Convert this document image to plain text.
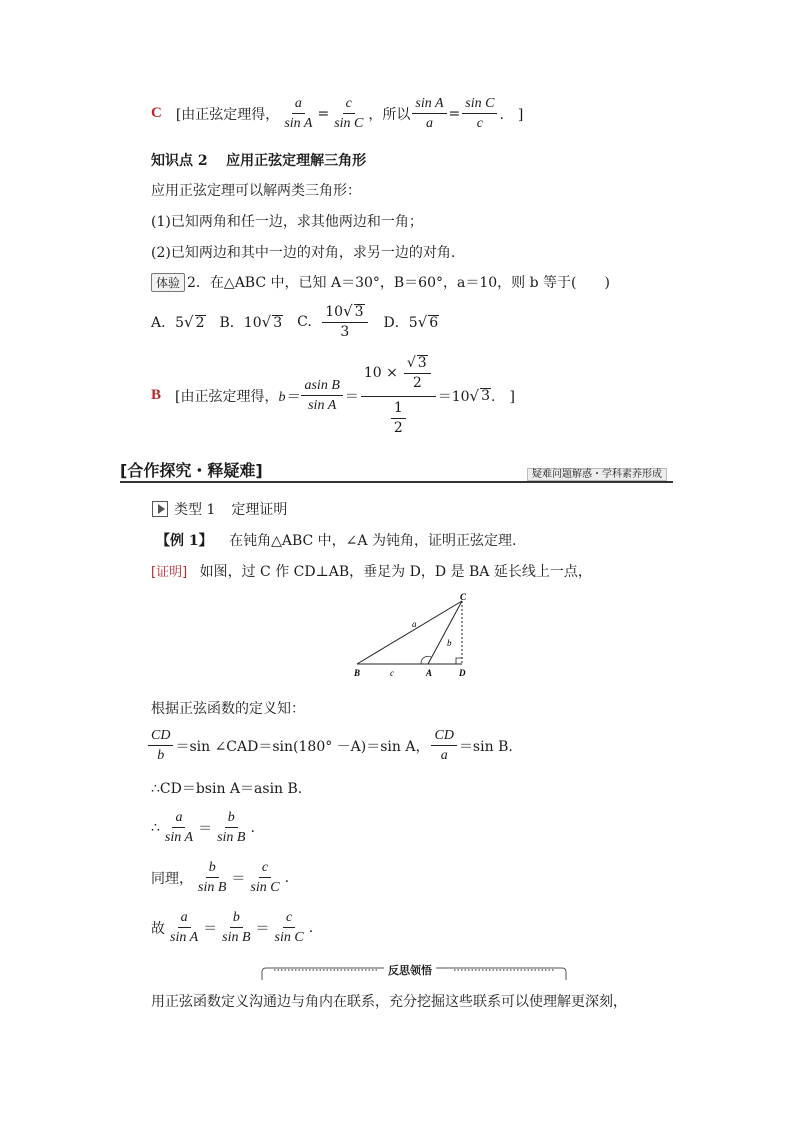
C [由正弦定理得， $\frac{a}{\text{sin A}} = \frac{c}{\text{sin C}}$ ，所以 $\frac{\text{sin A}}{a} = \frac{\text{sin C}}{c}$ .　]
知识点 2 应用正弦定理解三角形
应用正弦定理可以解两类三角形：
(1)已知两角和任一边，求其他两边和一角；
(2)已知两边和其中一边的对角，求另一边的对角.
体验 2．在△ABC 中，已知 A＝30°，B＝60°，a＝10，则 b 等于(　　)
A．5√ 2 B．10√ 3 C. $\frac{10√ 3}{3}$ D．5√ 6
B [由正弦定理得， $b= \frac{\text{asin B}}{\text{sin A}} = \frac{10 \times \frac{√ 3}{2}}{\frac{1}{2}} =10$ √ 3 .　]
[合作探究・释疑难]	疑难问题解惑・学科素养形成
类型 1 定理证明
【例 1】 在钝角△ABC 中，∠A 为钝角，证明正弦定理.
[证明] 如图，过 C 作 CD⊥AB，垂足为 D，D 是 BA 延长线上一点，
C
a
b
B	c	A	D
根据正弦函数的定义知：
$\frac{CD}{b} =\sin$ ∠CAD＝sin(180° －A)＝sin A， $\frac{CD}{a} =\sin$ B.
∴CD＝bsin A＝asin B.
∴ $\frac{a}{\text{sin A}} = \frac{b}{\text{sin B}}$ .
同理， $\frac{b}{\text{sin B}} = \frac{c}{\text{sin C}}$ .
故 $\frac{a}{\text{sin A}} = \frac{b}{\text{sin B}} = \frac{c}{\text{sin C}}$ .
反思领悟
用正弦函数定义沟通边与角内在联系，充分挖掘这些联系可以使理解更深刻，
